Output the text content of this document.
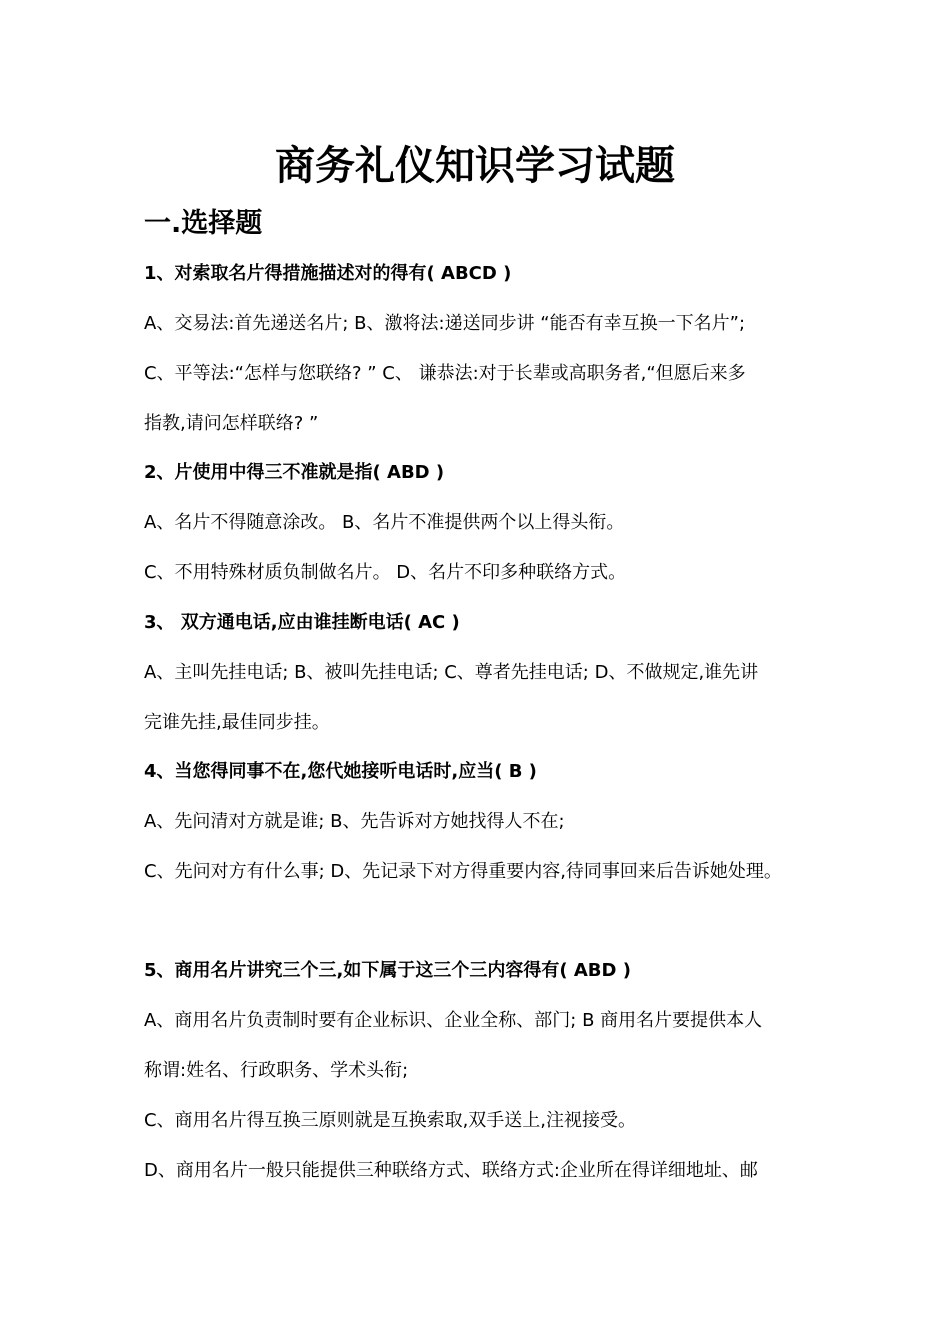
商务礼仪知识学习试题
一.选择题
1、对索取名片得措施描述对的得有( ABCD )
A、交易法:首先递送名片; B、激将法:递送同步讲 “能否有幸互换一下名片”;
C、平等法:“怎样与您联络? ” C、 谦恭法:对于长辈或高职务者,“但愿后来多
指教,请问怎样联络? ”
2、片使用中得三不准就是指( ABD )
A、名片不得随意涂改。 B、名片不准提供两个以上得头衔。
C、不用特殊材质负制做名片。 D、名片不印多种联络方式。
3、 双方通电话,应由谁挂断电话( AC )
A、主叫先挂电话; B、被叫先挂电话; C、尊者先挂电话; D、不做规定,谁先讲
完谁先挂,最佳同步挂。
4、当您得同事不在,您代她接听电话时,应当( B )
A、先问清对方就是谁; B、先告诉对方她找得人不在;
C、先问对方有什么事; D、先记录下对方得重要内容,待同事回来后告诉她处理。
5、商用名片讲究三个三,如下属于这三个三内容得有( ABD )
A、商用名片负责制时要有企业标识、企业全称、部门; B 商用名片要提供本人
称谓:姓名、行政职务、学术头衔;
C、商用名片得互换三原则就是互换索取,双手送上,注视接受。
D、商用名片一般只能提供三种联络方式、联络方式:企业所在得详细地址、邮
